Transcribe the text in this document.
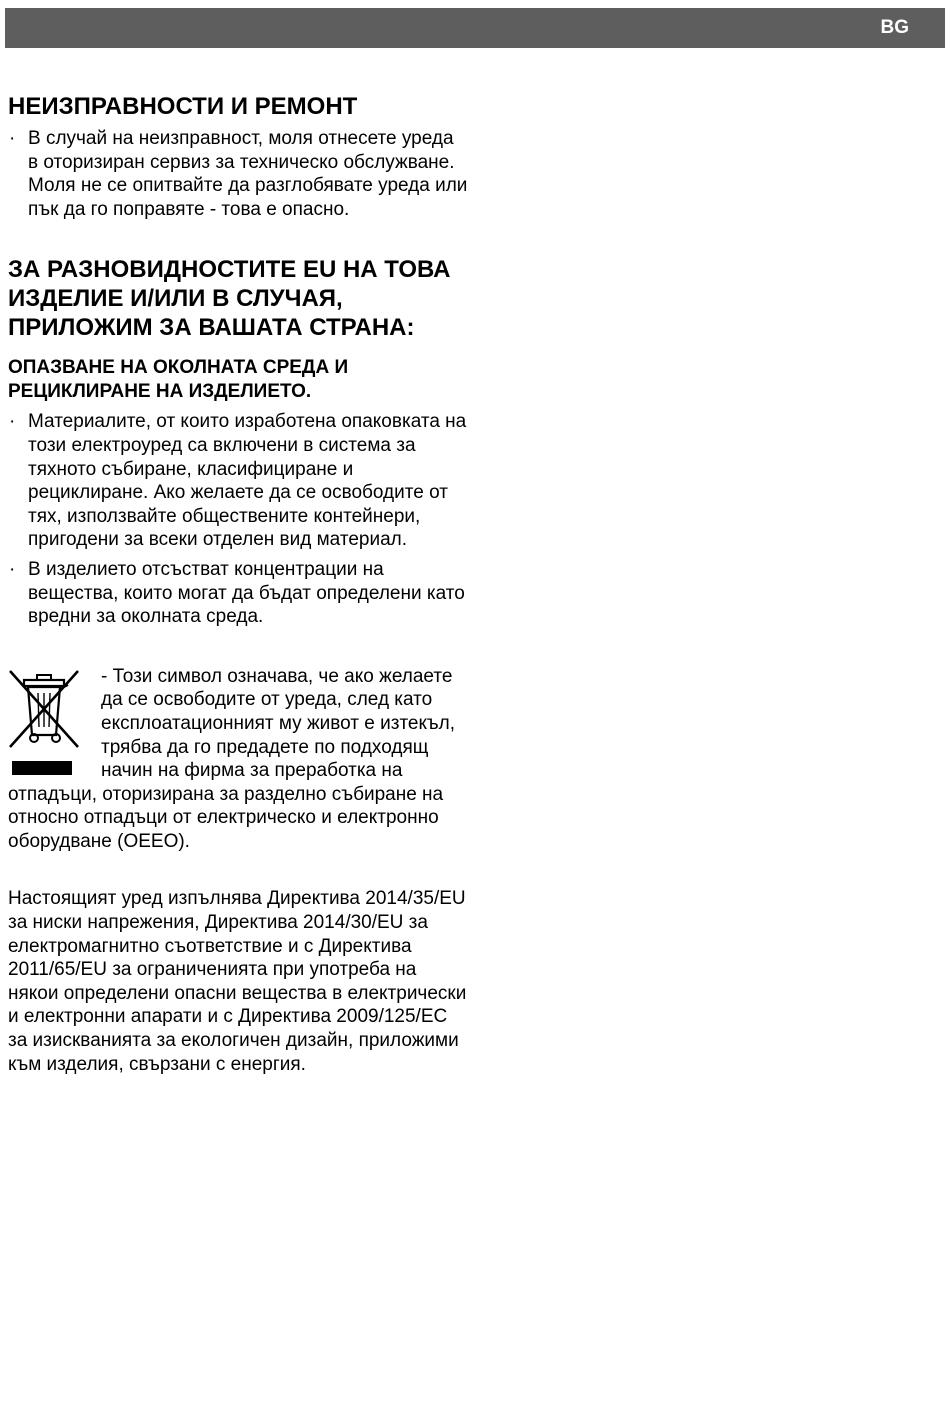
BG
НЕИЗПРАВНОСТИ И РЕМОНТ
· В случай на неизправност, моля отнесете уреда в оторизиран сервиз за техническо обслужване. Моля не се опитвайте да разглобявате уреда или пък да го поправяте - това е опасно.
ЗА РАЗНОВИДНОСТИТЕ EU НА ТОВА ИЗДЕЛИЕ И/ИЛИ В СЛУЧАЯ, ПРИЛОЖИМ ЗА ВАШАТА СТРАНА:
ОПАЗВАНЕ НА ОКОЛНАТА СРЕДА И РЕЦИКЛИРАНЕ НА ИЗДЕЛИЕТО.
· Материалите, от които изработена опаковката на този електроуред са включени в система за тяхното събиране, класифициране и рециклиране. Ако желаете да се освободите от тях, използвайте обществените контейнери, пригодени за всеки отделен вид материал.
· В изделието отсъстват концентрации на вещества, които могат да бъдат определени като вредни за околната среда.
- Този символ означава, че ако желаете да се освободите от уреда, след като експлоатационният му живот е изтекъл, трябва да го предадете по подходящ начин на фирма за преработка на отпадъци, оторизирана за разделно събиране на относно отпадъци от електрическо и електронно оборудване (ОЕЕО).
Настоящият уред изпълнява Директива 2014/35/EU за ниски напрежения, Директива 2014/30/EU за електромагнитно съответствие и с Директива 2011/65/EU за ограниченията при употреба на някои определени опасни вещества в електрически и електронни апарати и с Директива 2009/125/EC за изискванията за екологичен дизайн, приложими към изделия, свързани с енергия.
